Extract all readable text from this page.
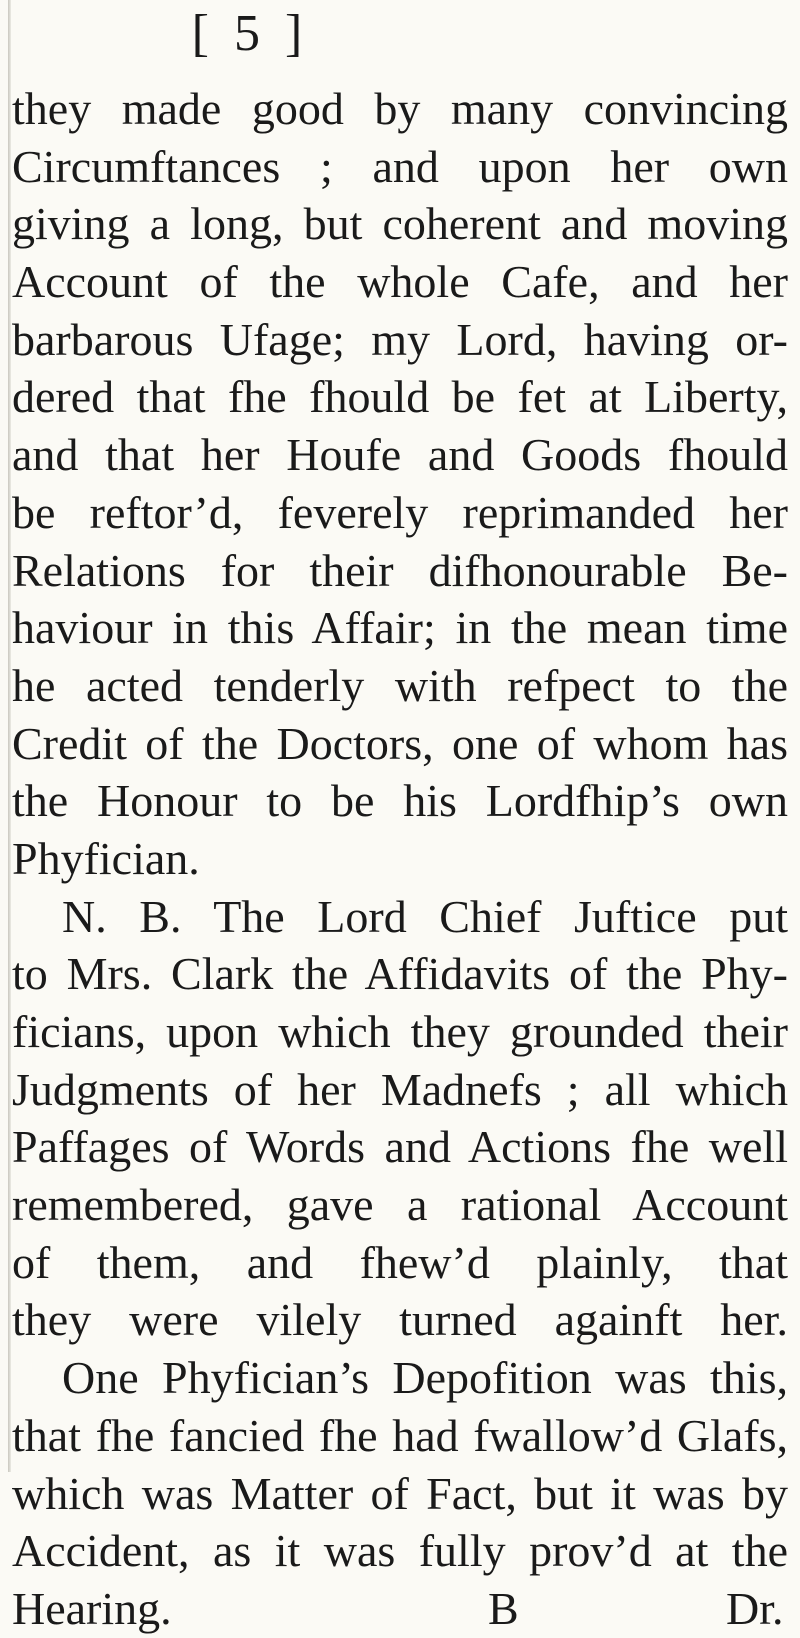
[ 5 ]
they made good by many convincing
Circumftances ; and upon her own
giving a long, but coherent and moving
Account of the whole Cafe, and her
barbarous Ufage; my Lord, having or-
dered that fhe fhould be fet at Liberty,
and that her Houfe and Goods fhould
be reftor’d, feverely reprimanded her
Relations for their difhonourable Be-
haviour in this Affair; in the mean time
he acted tenderly with refpect to the
Credit of the Doctors, one of whom has
the Honour to be his Lordfhip’s own
Phyfician.
N. B. The Lord Chief Juftice put
to Mrs. Clark the Affidavits of the Phy-
ficians, upon which they grounded their
Judgments of her Madnefs ; all which
Paffages of Words and Actions fhe well
remembered, gave a rational Account
of them, and fhew’d plainly, that
they were vilely turned againft her.
One Phyfician’s Depofition was this,
that fhe fancied fhe had fwallow’d Glafs,
which was Matter of Fact, but it was by
Accident, as it was fully prov’d at the
Hearing.	B	Dr.
